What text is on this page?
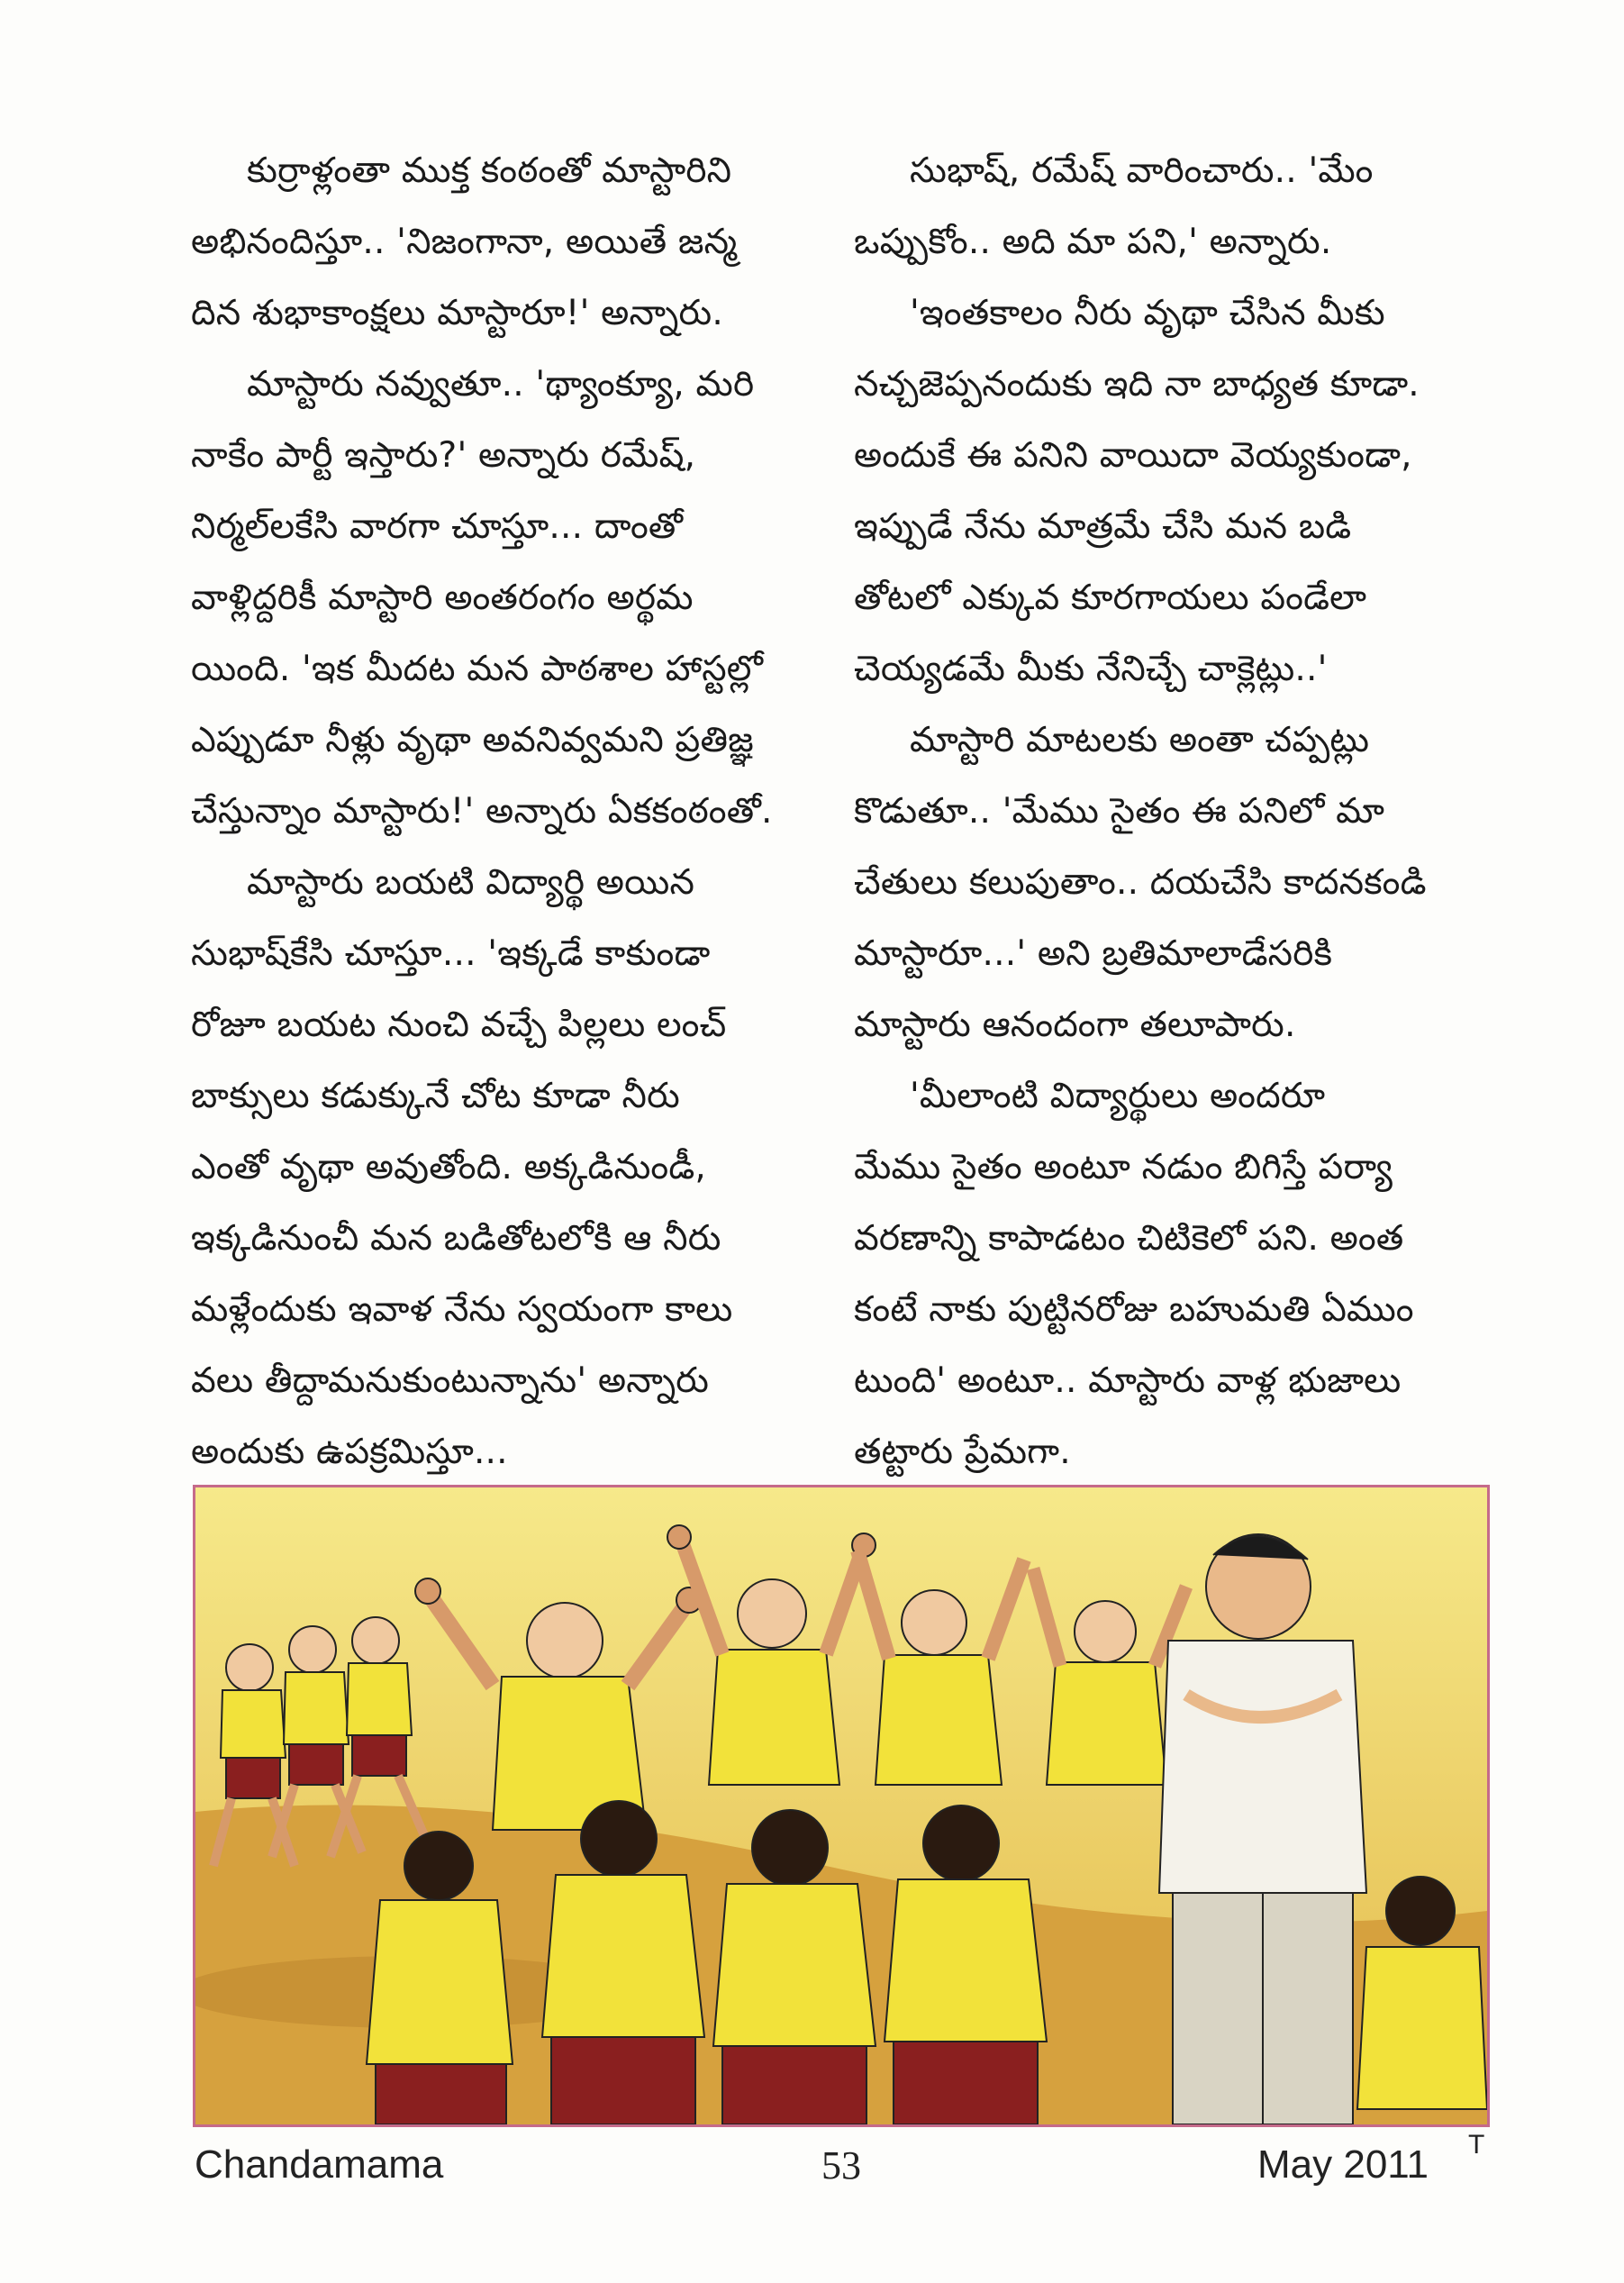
కుర్రాళ్లంతా ముక్త కంఠంతో మాస్టారిని
అభినందిస్తూ.. 'నిజంగానా, అయితే జన్మ
దిన శుభాకాంక్షలు మాస్టారూ!' అన్నారు.

మాస్టారు నవ్వుతూ.. 'థ్యాంక్యూ, మరి
నాకేం పార్టీ ఇస్తారు?' అన్నారు రమేష్,
నిర్మల్‌లకేసి వారగా చూస్తూ... దాంతో
వాళ్లిద్దరికీ మాస్టారి అంతరంగం అర్థమ
యింది. 'ఇక మీదట మన పాఠశాల హాస్టల్లో
ఎప్పుడూ నీళ్లు వృథా అవనివ్వమని ప్రతిజ్ఞ
చేస్తున్నాం మాస్టారు!' అన్నారు ఏకకంఠంతో.

మాస్టారు బయటి విద్యార్థి అయిన
సుభాష్‌కేసి చూస్తూ... 'ఇక్కడే కాకుండా
రోజూ బయట నుంచి వచ్చే పిల్లలు లంచ్
బాక్సులు కడుక్కునే చోట కూడా నీరు
ఎంతో వృథా అవుతోంది. అక్కడినుండీ,
ఇక్కడినుంచీ మన బడితోటలోకి ఆ నీరు
మళ్లేందుకు ఇవాళ నేను స్వయంగా కాలు
వలు తీద్దామనుకుంటున్నాను' అన్నారు
అందుకు ఉపక్రమిస్తూ...

సుభాష్, రమేష్ వారించారు.. 'మేం
ఒప్పుకోం.. అది మా పని,' అన్నారు.

'ఇంతకాలం నీరు వృథా చేసిన మీకు
నచ్చజెప్పనందుకు ఇది నా బాధ్యత కూడా.
అందుకే ఈ పనిని వాయిదా వెయ్యకుండా,
ఇప్పుడే నేను మాత్రమే చేసి మన బడి
తోటలో ఎక్కువ కూరగాయలు పండేలా
చెయ్యడమే మీకు నేనిచ్చే చాక్లెట్లు..'

మాస్టారి మాటలకు అంతా చప్పట్లు
కొడుతూ.. 'మేము సైతం ఈ పనిలో మా
చేతులు కలుపుతాం.. దయచేసి కాదనకండి
మాస్టారూ...' అని బ్రతిమాలాడేసరికి
మాస్టారు ఆనందంగా తలూపారు.

'మీలాంటి విద్యార్థులు అందరూ
మేము సైతం అంటూ నడుం బిగిస్తే పర్యా
వరణాన్ని కాపాడటం చిటికెలో పని. అంత
కంటే నాకు పుట్టినరోజు బహుమతి ఏముం
టుంది' అంటూ.. మాస్టారు వాళ్ల భుజాలు
తట్టారు ప్రేమగా.

Chandamama	53	May 2011 T
